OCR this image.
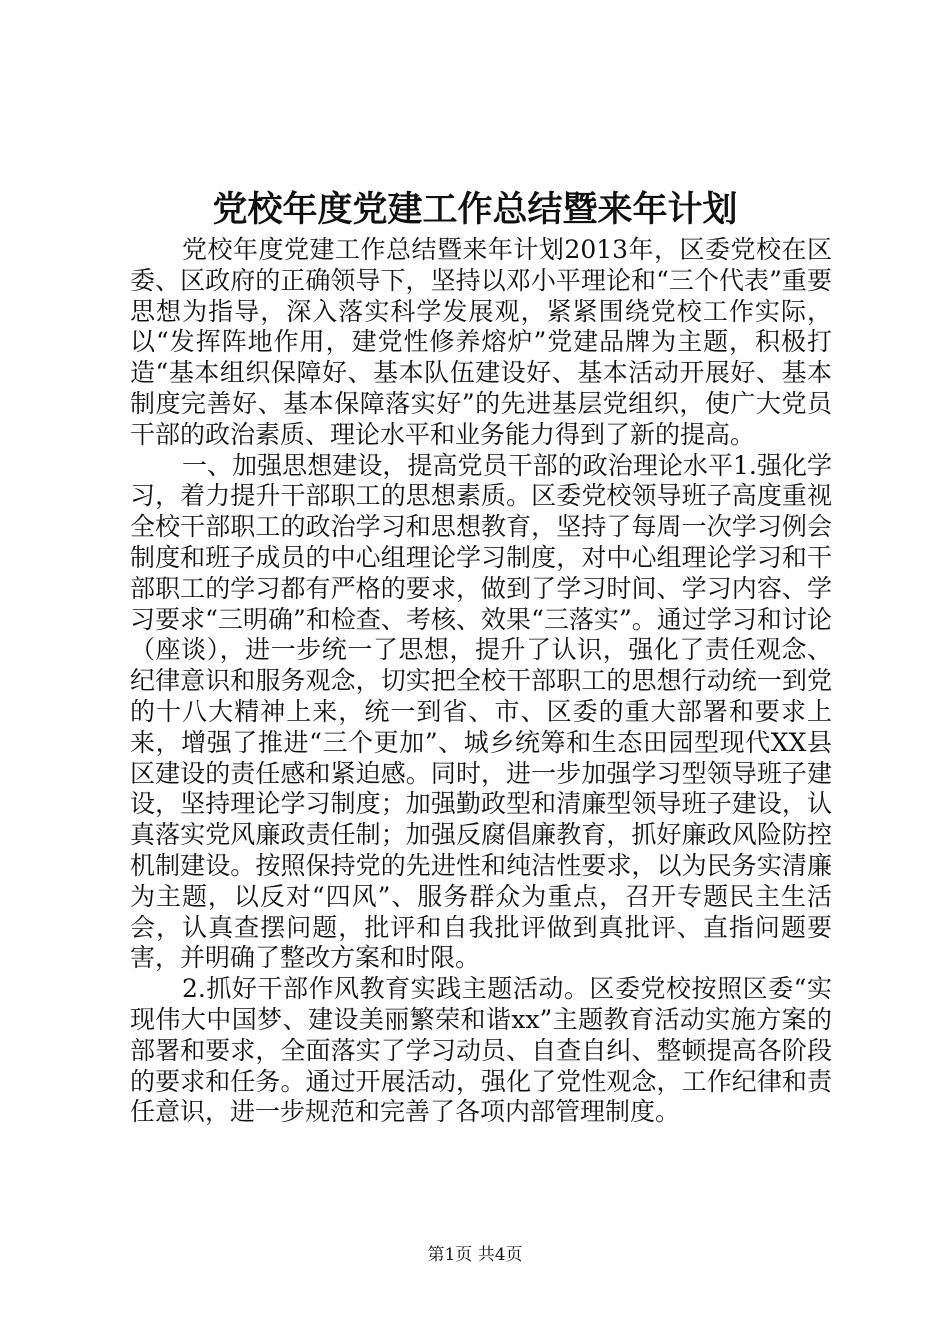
党校年度党建工作总结暨来年计划

党校年度党建工作总结暨来年计划2013年，区委党校在区委、区政府的正确领导下，坚持以邓小平理论和“三个代表”重要思想为指导，深入落实科学发展观，紧紧围绕党校工作实际，以“发挥阵地作用，建党性修养熔炉”党建品牌为主题，积极打造“基本组织保障好、基本队伍建设好、基本活动开展好、基本制度完善好、基本保障落实好”的先进基层党组织，使广大党员干部的政治素质、理论水平和业务能力得到了新的提高。

一、加强思想建设，提高党员干部的政治理论水平1.强化学习，着力提升干部职工的思想素质。区委党校领导班子高度重视全校干部职工的政治学习和思想教育，坚持了每周一次学习例会制度和班子成员的中心组理论学习制度，对中心组理论学习和干部职工的学习都有严格的要求，做到了学习时间、学习内容、学习要求“三明确”和检查、考核、效果“三落实”。通过学习和讨论（座谈），进一步统一了思想，提升了认识，强化了责任观念、纪律意识和服务观念，切实把全校干部职工的思想行动统一到党的十八大精神上来，统一到省、市、区委的重大部署和要求上来，增强了推进“三个更加”、城乡统筹和生态田园型现代XX县区建设的责任感和紧迫感。同时，进一步加强学习型领导班子建设，坚持理论学习制度；加强勤政型和清廉型领导班子建设，认真落实党风廉政责任制；加强反腐倡廉教育，抓好廉政风险防控机制建设。按照保持党的先进性和纯洁性要求，以为民务实清廉为主题，以反对“四风”、服务群众为重点，召开专题民主生活会，认真查摆问题，批评和自我批评做到真批评、直指问题要害，并明确了整改方案和时限。

2.抓好干部作风教育实践主题活动。区委党校按照区委“实现伟大中国梦、建设美丽繁荣和谐xx”主题教育活动实施方案的部署和要求，全面落实了学习动员、自查自纠、整顿提高各阶段的要求和任务。通过开展活动，强化了党性观念，工作纪律和责任意识，进一步规范和完善了各项内部管理制度。

第1页 共4页
